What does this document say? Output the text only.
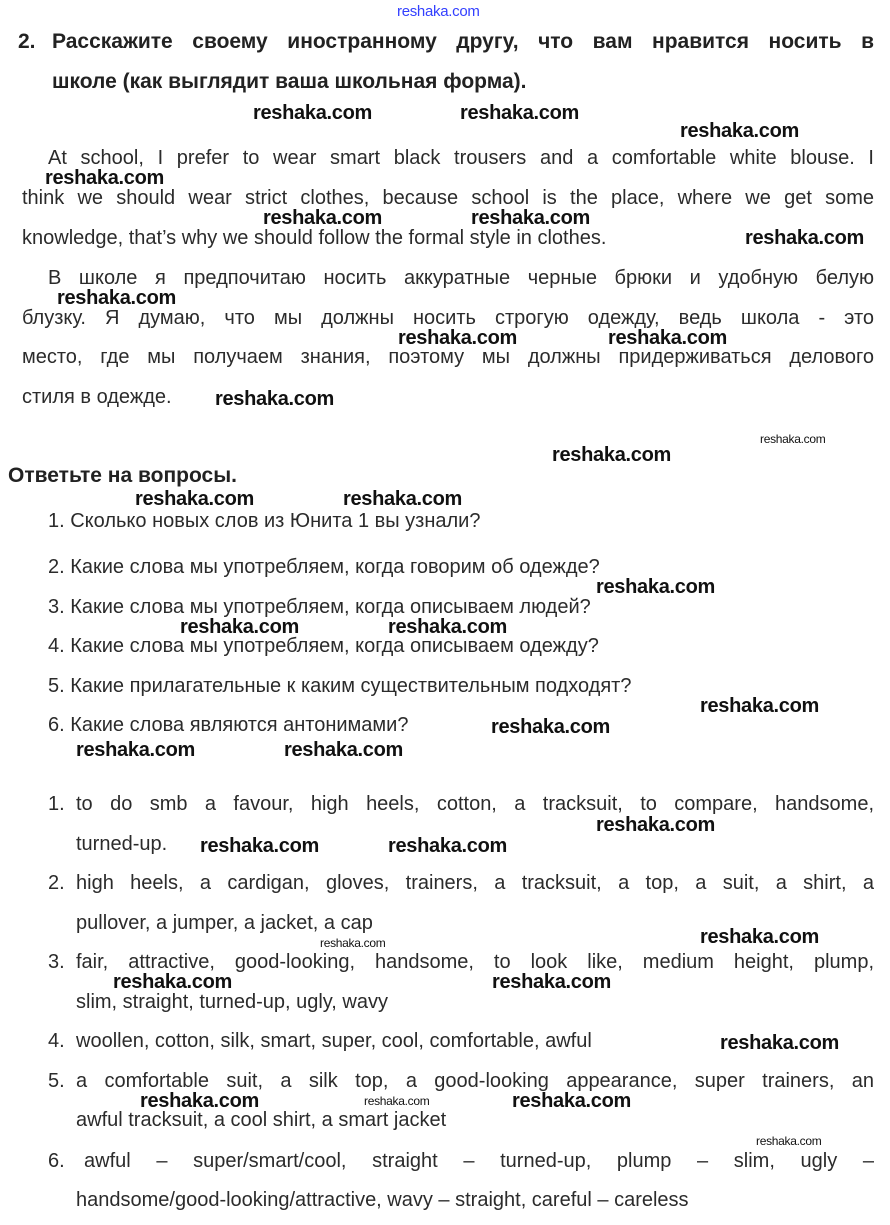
2. Расскажите своему иностранному другу, что вам нравится носить в
школе (как выглядит ваша школьная форма).
At school, I prefer to wear smart black trousers and a comfortable white blouse. I
think we should wear strict clothes, because school is the place, where we get some
knowledge, that’s why we should follow the formal style in clothes.
В школе я предпочитаю носить аккуратные черные брюки и удобную белую
блузку. Я думаю, что мы должны носить строгую одежду, ведь школа - это
место, где мы получаем знания, поэтому мы должны придерживаться делового
стиля в одежде.
Ответьте на вопросы.
1. Сколько новых слов из Юнита 1 вы узнали?
2. Какие слова мы употребляем, когда говорим об одежде?
3. Какие слова мы употребляем, когда описываем людей?
4. Какие слова мы употребляем, когда описываем одежду?
5. Какие прилагательные к каким существительным подходят?
6. Какие слова являются антонимами?
1. to do smb a favour, high heels, cotton, a tracksuit, to compare, handsome,
turned-up.
2. high heels, a cardigan, gloves, trainers, a tracksuit, a top, a suit, a shirt, a
pullover, a jumper, a jacket, a cap
3. fair, attractive, good-looking, handsome, to look like, medium height, plump,
slim, straight, turned-up, ugly, wavy
4. woollen, cotton, silk, smart, super, cool, comfortable, awful
5. a comfortable suit, a silk top, a good-looking appearance, super trainers, an
awful tracksuit, a cool shirt, a smart jacket
6. awful – super/smart/cool, straight – turned-up, plump – slim, ugly –
handsome/good-looking/attractive, wavy – straight, careful – careless
reshaka.com
reshaka.com	reshaka.com
reshaka.com
reshaka.com
reshaka.com	reshaka.com
reshaka.com
reshaka.com
reshaka.com	reshaka.com
reshaka.com
reshaka.com
reshaka.com
reshaka.com	reshaka.com
reshaka.com
reshaka.com	reshaka.com
reshaka.com
reshaka.com
reshaka.com	reshaka.com
reshaka.com	reshaka.com
reshaka.com
reshaka.com	reshaka.com
reshaka.com	reshaka.com
reshaka.com
reshaka.com	reshaka.com	reshaka.com
reshaka.com
